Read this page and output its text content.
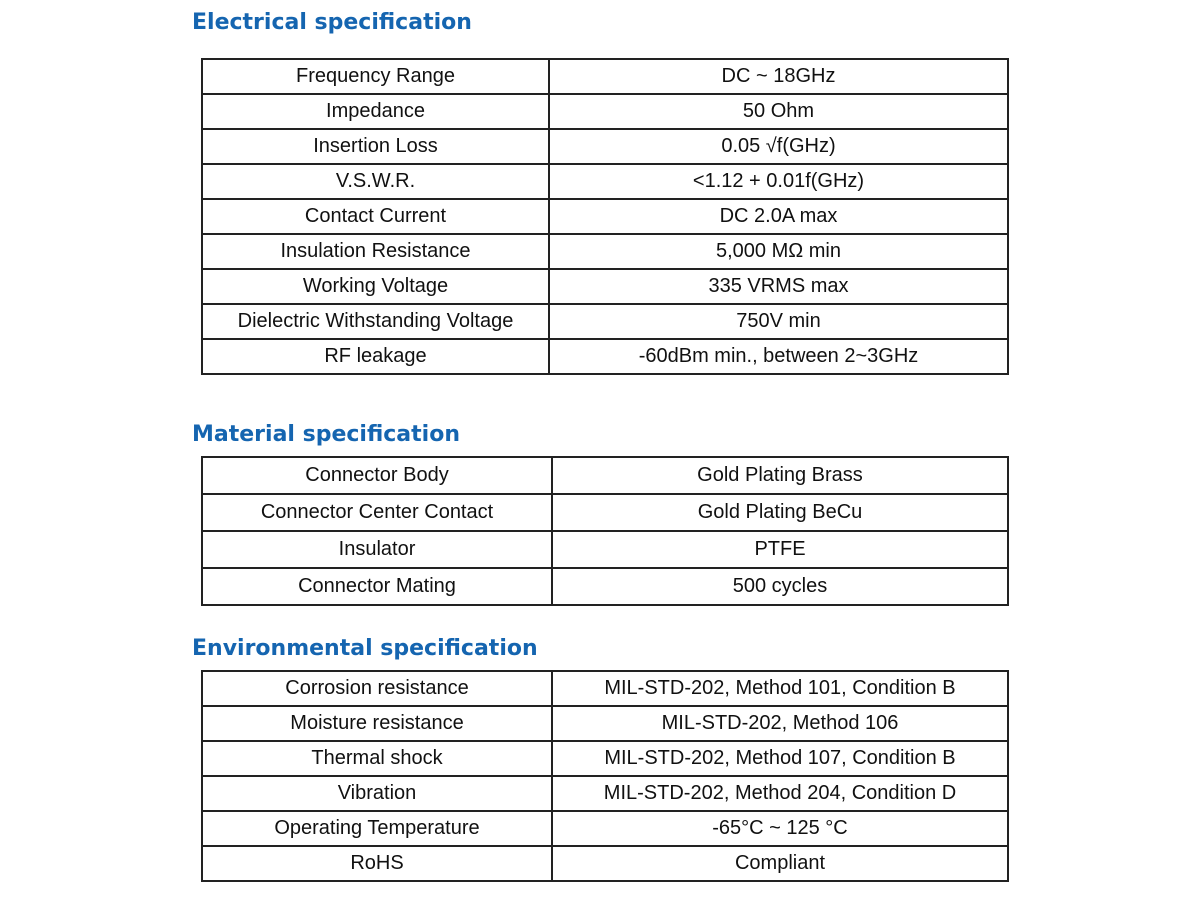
Electrical specification
Frequency Range	DC ~ 18GHz
Impedance	50 Ohm
Insertion Loss	0.05 √f(GHz)
V.S.W.R.	<1.12 + 0.01f(GHz)
Contact Current	DC 2.0A max
Insulation Resistance	5,000 MΩ min
Working Voltage	335 VRMS max
Dielectric Withstanding Voltage	750V min
RF leakage	-60dBm min., between 2~3GHz
Material specification
Connector Body	Gold Plating Brass
Connector Center Contact	Gold Plating BeCu
Insulator	PTFE
Connector Mating	500 cycles
Environmental specification
Corrosion resistance	MIL-STD-202, Method 101, Condition B
Moisture resistance	MIL-STD-202, Method 106
Thermal shock	MIL-STD-202, Method 107, Condition B
Vibration	MIL-STD-202, Method 204, Condition D
Operating Temperature	-65°C ~ 125 °C
RoHS	Compliant
